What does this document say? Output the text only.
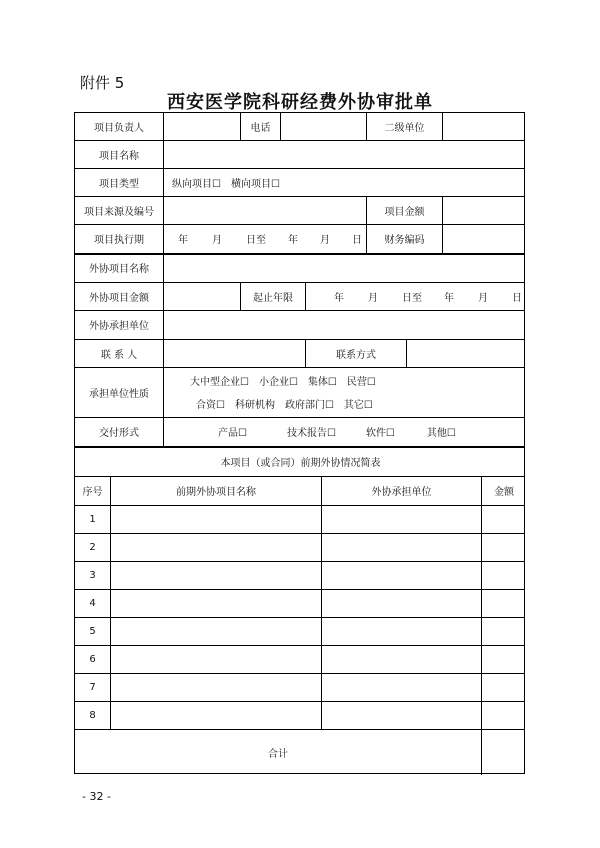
附件 5
西安医学院科研经费外协审批单
项目负责人	电话	二级单位
项目名称
项目类型	纵向项目☐　横向项目☐
项目来源及编号	项目金额
项目执行期	年 月 日至 年 月 日 财务编码
外协项目名称
外协项目金额	起止年限	年 月 日至 年 月 日
外协承担单位
联 系 人	联系方式
承担单位性质
大中型企业☐　小企业☐　集体☐　民营☐
合资☐　科研机构　政府部门☐　其它☐
交付形式	产品☐	技术报告☐	软件☐	其他☐
本项目（或合同）前期外协情况简表
序号	前期外协项目名称	外协承担单位	金额
1
2
3
4
5
6
7
8
合计
- 32 -
